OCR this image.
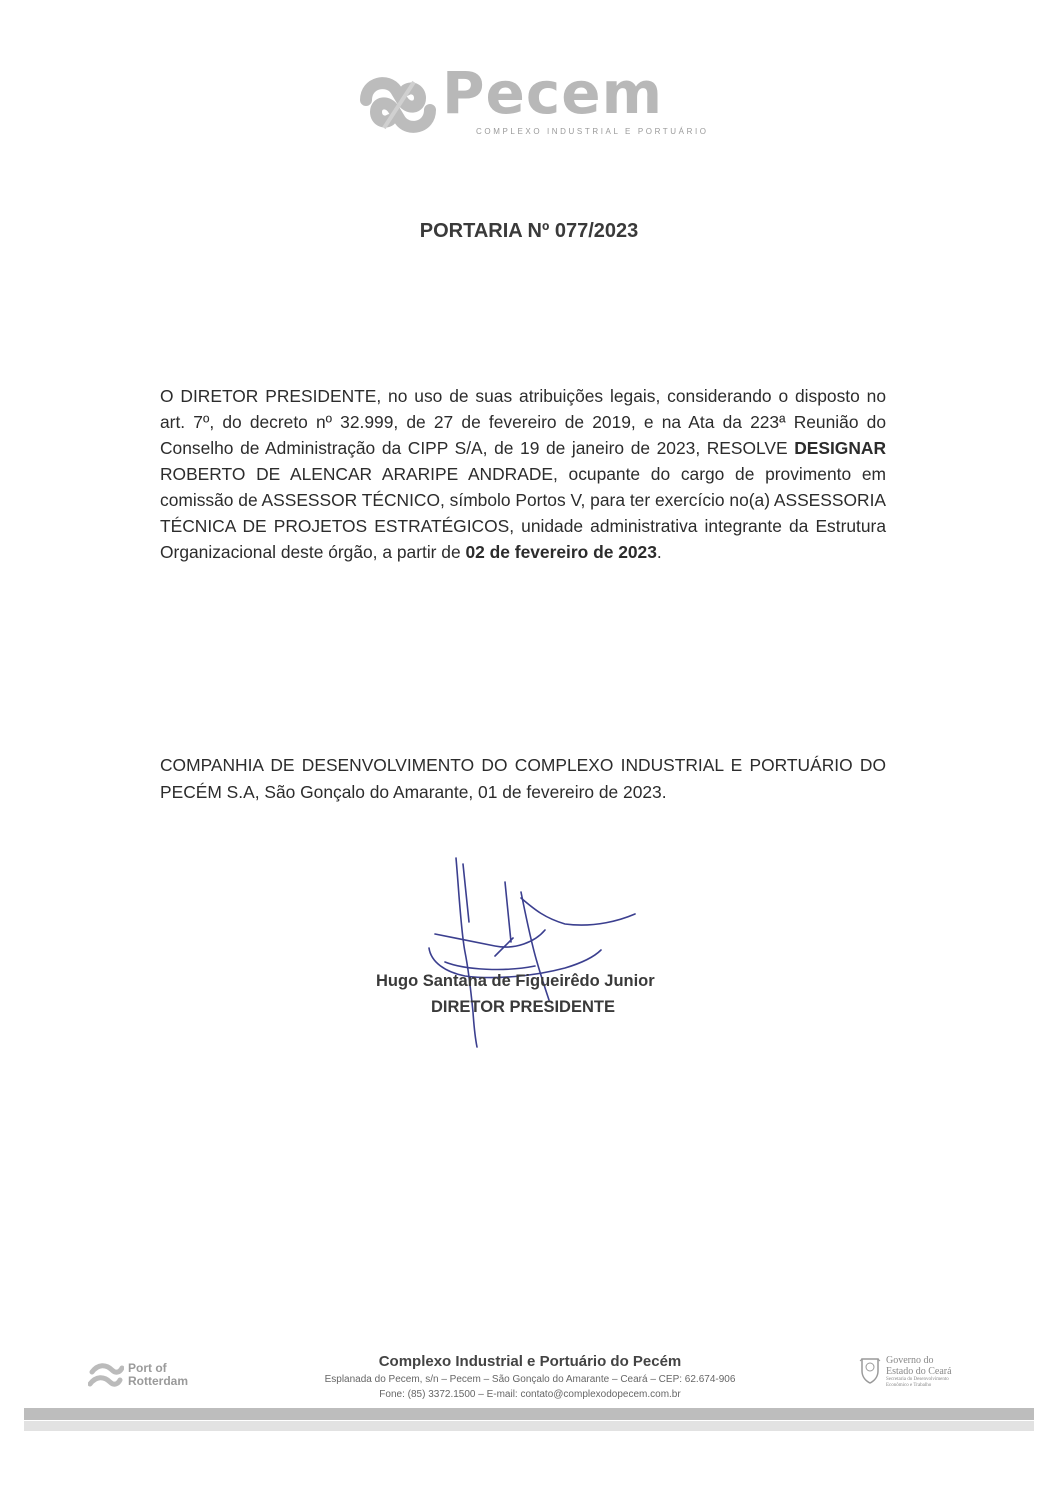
Pecem
COMPLEXO INDUSTRIAL E PORTUÁRIO
PORTARIA Nº 077/2023

O DIRETOR PRESIDENTE, no uso de suas atribuições legais, considerando o disposto no art. 7º, do decreto nº 32.999, de 27 de fevereiro de 2019, e na Ata da 223ª Reunião do Conselho de Administração da CIPP S/A, de 19 de janeiro de 2023, RESOLVE DESIGNAR ROBERTO DE ALENCAR ARARIPE ANDRADE, ocupante do cargo de provimento em comissão de ASSESSOR TÉCNICO, símbolo Portos V, para ter exercício no(a) ASSESSORIA TÉCNICA DE PROJETOS ESTRATÉGICOS, unidade administrativa integrante da Estrutura Organizacional deste órgão, a partir de 02 de fevereiro de 2023.

COMPANHIA DE DESENVOLVIMENTO DO COMPLEXO INDUSTRIAL E PORTUÁRIO DO PECÉM S.A, São Gonçalo do Amarante, 01 de fevereiro de 2023.

Hugo Santana de Figueirêdo Junior
DIRETOR PRESIDENTE
Port of
Rotterdam
Complexo Industrial e Portuário do Pecém
Esplanada do Pecem, s/n – Pecem – São Gonçalo do Amarante – Ceará – CEP: 62.674-906
Fone: (85) 3372.1500 – E-mail: contato@complexodopecem.com.br
Governo do
Estado do Ceará
Secretaria do Desenvolvimento
Econômico e Trabalho
